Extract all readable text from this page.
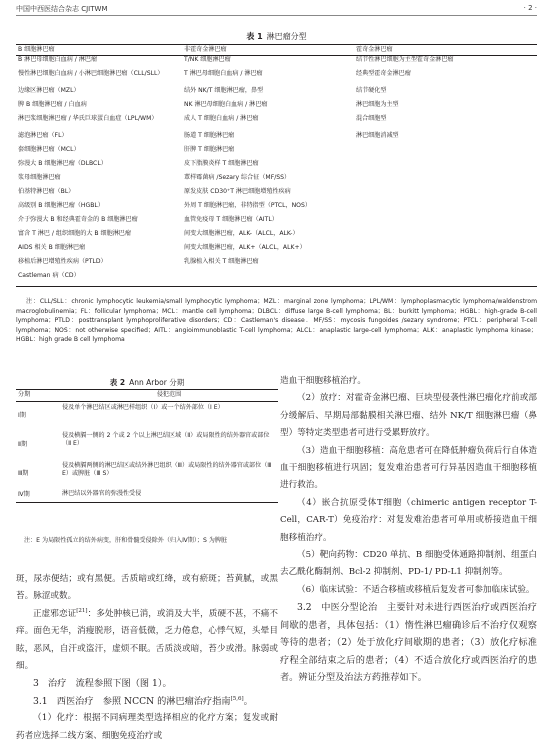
中国中西医结合杂志 CJITWM	· 2 ·
表 1 淋巴瘤分型
B 细胞淋巴瘤	非霍奇金淋巴瘤	霍奇金淋巴瘤
B 淋巴母细胞白血病 / 淋巴瘤	T/NK 细胞淋巴瘤	结节性淋巴细胞为主型霍奇金淋巴瘤
慢性淋巴细胞白血病 / 小淋巴细胞淋巴瘤（CLL/SLL）	T 淋巴母细胞白血病 / 淋巴瘤	经典型霍奇金淋巴瘤
边缘区淋巴瘤（MZL）	结外 NK/T 细胞淋巴瘤，鼻型	结节硬化型
脾 B 细胞淋巴瘤 / 白血病	NK 淋巴母细胞白血病 / 淋巴瘤	淋巴细胞为主型
淋巴浆细胞淋巴瘤 / 华氏巨球蛋白血症（LPL/WM）	成人 T 细胞白血病 / 淋巴瘤	混合细胞型
滤泡淋巴瘤（FL）	肠道 T 细胞淋巴瘤	淋巴细胞消减型
套细胞淋巴瘤（MCL）	肝脾 T 细胞淋巴瘤	
弥漫大 B 细胞淋巴瘤（DLBCL）	皮下脂膜炎样 T 细胞淋巴瘤	
浆母细胞淋巴瘤	蕈样霉菌病 /Sezary 综合征（MF/SS）	
伯基特淋巴瘤（BL）	原发皮肤 CD30⁺T 淋巴细胞增殖性疾病	
高级别 B 细胞淋巴瘤（HGBL）	外周 T 细胞淋巴瘤，非特指型（PTCL，NOS）	
介于弥漫大 B 和经典霍奇金的 B 细胞淋巴瘤	血管免疫母 T 细胞淋巴瘤（AITL）	
富含 T 淋巴 / 组织细胞的大 B 细胞淋巴瘤	间变大细胞淋巴瘤，ALK-（ALCL，ALK-）	
AIDS 相关 B 细胞淋巴瘤	间变大细胞淋巴瘤，ALK+（ALCL，ALK+）	
移植后淋巴增殖性疾病（PTLD）	乳腺植入相关 T 细胞淋巴瘤	
Castleman 病（CD）		
注：CLL/SLL：chronic lymphocytic leukemia/small lymphocytic lymphoma；MZL：marginal zone lymphoma；LPL/WM：lymphoplasmacytic lymphoma/waldenstrom macroglobulinemia；FL：follicular lymphoma；MCL：mantle cell lymphoma；DLBCL：diffuse large B-cell lymphoma；BL：burkitt lymphoma；HGBL：high-grade B-cell lymphoma；PTLD：posttransplant lymphoproliferative disorders；CD：Castleman's disease．MF/SS：mycosis fungoides /sezary syndrome；PTCL：peripheral T-cell lymphoma；NOS：not otherwise specified；AITL：angioimmunoblastic T-cell lymphoma；ALCL：anaplastic large-cell lymphoma；ALK：anaplastic lymphoma kinase；HGBL：high grade B cell lymphoma
表 2 Ann Arbor 分期
分期	侵犯范围
Ⅰ期	侵及单个淋巴结区或淋巴样组织（Ⅰ）或一个结外部位（Ⅰ E）
Ⅱ期	侵及横膈一侧的 2 个或 2 个以上淋巴结区域（Ⅱ）或局限性的结外器官或部位（Ⅱ E）
Ⅲ期	侵及横膈两侧的淋巴结区或结外淋巴组织（Ⅲ）或局限性的结外器官或部位（Ⅲ E）或脾脏（Ⅲ S）
Ⅳ期	淋巴结以外器官的弥漫性受侵
注：E 为局限性孤立的结外病变，肝和骨髓受侵除外（归入Ⅳ期）；S 为脾脏

斑，尿赤便结；或有黑便。舌质暗或红绛，或有瘀斑；苔黄腻，或黑苔。脉涩或数。

正虚邪恋证[21]：多处肿核已消，或消及大半，质硬不甚，不痛不痒。面色无华，消瘦脱形，语音低微，乏力倦怠，心悸气短，头晕目眩，恶风，自汗或盗汗，虚烦不眠。舌质淡或暗，苔少或滑。脉弱或细。

3　治疗　流程参照下图（图 1）。

3.1　西医治疗　参照 NCCN 的淋巴瘤治疗指南[5,6]。

（1）化疗：根据不同病理类型选择相应的化疗方案；复发或耐药者应选择二线方案、细胞免疫治疗或

造血干细胞移植治疗。

（2）放疗：对霍奇金淋巴瘤、巨块型侵袭性淋巴瘤化疗前或部分缓解后、早期局部黏膜相关淋巴瘤、结外 NK/T 细胞淋巴瘤（鼻型）等特定类型患者可进行受累野放疗。

（3）造血干细胞移植：高危患者可在降低肿瘤负荷后行自体造血干细胞移植进行巩固；复发难治患者可行异基因造血干细胞移植进行救治。

（4）嵌合抗原受体T细胞（chimeric antigen receptor T-Cell，CAR-T）免疫治疗：对复发难治患者可单用或桥接造血干细胞移植治疗。

（5）靶向药物：CD20 单抗、B 细胞受体通路抑制剂、组蛋白去乙酰化酶制剂、Bcl-2 抑制剂、PD-1/ PD-L1 抑制剂等。

（6）临床试验：不适合移植或移植后复发者可参加临床试验。

3.2　中医分型论治　主要针对未进行西医治疗或西医治疗间歇的患者，具体包括：（1）惰性淋巴瘤确诊后不治疗仅观察等待的患者；（2）处于放化疗间歇期的患者；（3）放化疗标准疗程全部结束之后的患者；（4）不适合放化疗或西医治疗的患者。辨证分型及治法方药推荐如下。
